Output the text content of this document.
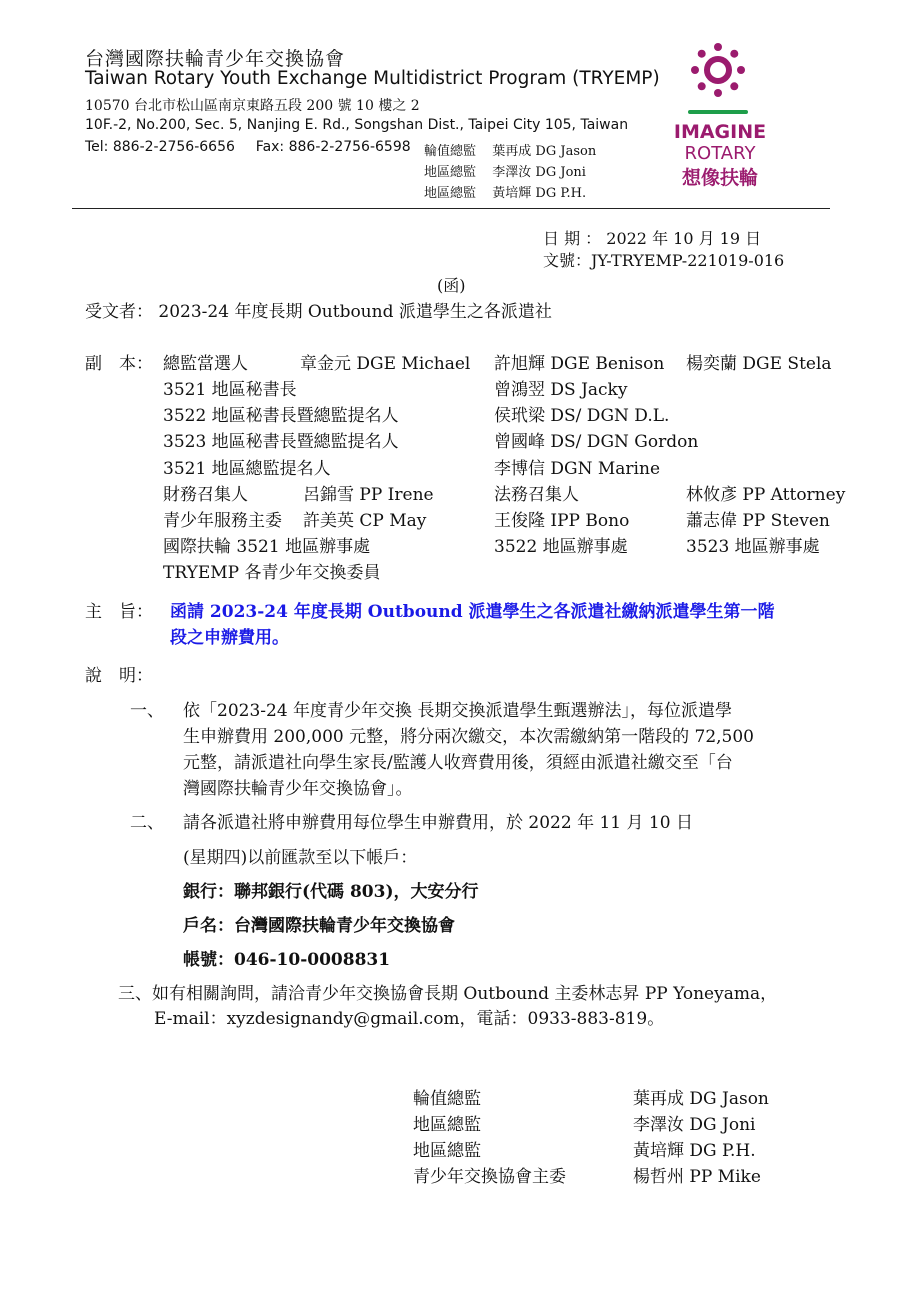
台灣國際扶輪青少年交換協會
Taiwan Rotary Youth Exchange Multidistrict Program (TRYEMP)
10570 台北市松山區南京東路五段 200 號 10 樓之 2
10F.-2, No.200, Sec. 5, Nanjing E. Rd., Songshan Dist., Taipei City 105, Taiwan
Tel: 886-2-2756-6656 Fax: 886-2-2756-6598 輪值總監 葉再成 DG Jason
地區總監 李澤汝 DG Joni
地區總監 黃培輝 DG P.H.
IMAGINE
ROTARY
想像扶輪
日 期 ： 2022 年 10 月 19 日
文號：JY-TRYEMP-221019-016
(函)
受文者： 2023-24 年度長期 Outbound 派遣學生之各派遣社
副　本： 總監當選人	章金元 DGE Michael 許旭輝 DGE Benison 楊奕蘭 DGE Stela
3521 地區秘書長	曾鴻翌 DS Jacky
3522 地區秘書長暨總監提名人	侯玳梁 DS/ DGN D.L.
3523 地區秘書長暨總監提名人	曾國峰 DS/ DGN Gordon
3521 地區總監提名人	李博信 DGN Marine
財務召集人	呂錦雪 PP Irene	法務召集人	林攸彥 PP Attorney
青少年服務主委 許美英 CP May	王俊隆 IPP Bono	蕭志偉 PP Steven
國際扶輪 3521 地區辦事處	3522 地區辦事處	3523 地區辦事處
TRYEMP 各青少年交換委員
主　旨： 函請 2023-24 年度長期 Outbound 派遣學生之各派遣社繳納派遣學生第一階
段之申辦費用。
說　明：
一、 依「2023-24 年度青少年交換 長期交換派遣學生甄選辦法」，每位派遣學
生申辦費用 200,000 元整，將分兩次繳交，本次需繳納第一階段的 72,500
元整，請派遣社向學生家長/監護人收齊費用後，須經由派遣社繳交至「台
灣國際扶輪青少年交換協會」。
二、 請各派遣社將申辦費用每位學生申辦費用，於 2022 年 11 月 10 日
(星期四)以前匯款至以下帳戶：
銀行：聯邦銀行(代碼 803)，大安分行
戶名：台灣國際扶輪青少年交換協會
帳號：046-10-0008831
三、如有相關詢問，請洽青少年交換協會長期 Outbound 主委林志昇 PP Yoneyama，
E-mail：xyzdesignandy@gmail.com，電話：0933-883-819。
輪值總監	葉再成 DG Jason
地區總監	李澤汝 DG Joni
地區總監	黃培輝 DG P.H.
青少年交換協會主委	楊哲州 PP Mike
